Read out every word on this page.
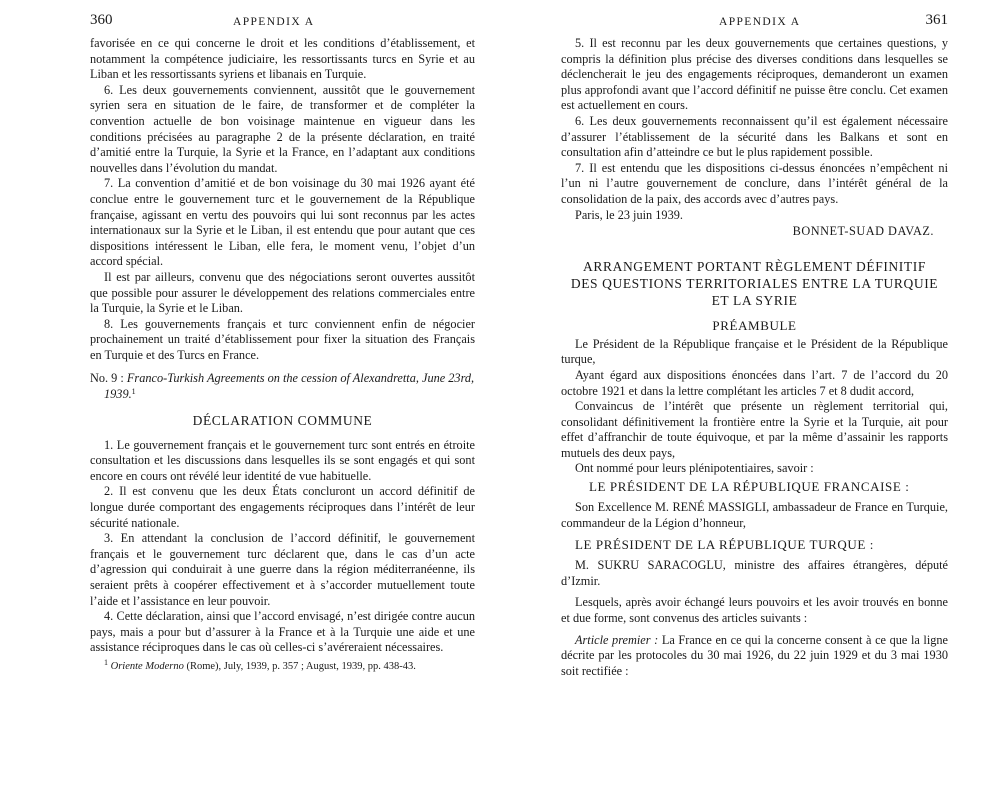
360	APPENDIX A

favorisée en ce qui concerne le droit et les conditions d’établissement, et notamment la compétence judiciaire, les ressortissants turcs en Syrie et au Liban et les ressortissants syriens et libanais en Turquie.

6. Les deux gouvernements conviennent, aussitôt que le gouvernement syrien sera en situation de le faire, de transformer et de compléter la convention actuelle de bon voisinage maintenue en vigueur dans les conditions précisées au paragraphe 2 de la présente déclaration, en traité d’amitié entre la Turquie, la Syrie et la France, en l’adaptant aux conditions nouvelles dans l’évolution du mandat.

7. La convention d’amitié et de bon voisinage du 30 mai 1926 ayant été conclue entre le gouvernement turc et le gouvernement de la République française, agissant en vertu des pouvoirs qui lui sont reconnus par les actes internationaux sur la Syrie et le Liban, il est entendu que pour autant que ces dispositions intéressent le Liban, elle fera, le moment venu, l’objet d’un accord spécial.

Il est par ailleurs, convenu que des négociations seront ouvertes aussitôt que possible pour assurer le développement des relations commerciales entre la Turquie, la Syrie et le Liban.

8. Les gouvernements français et turc conviennent enfin de négocier prochainement un traité d’établissement pour fixer la situation des Français en Turquie et des Turcs en France.

No. 9 : Franco-Turkish Agreements on the cession of Alexandretta, June 23rd, 1939.$^1$
DÉCLARATION COMMUNE

1. Le gouvernement français et le gouvernement turc sont entrés en étroite consultation et les discussions dans lesquelles ils se sont engagés et qui sont encore en cours ont révélé leur identité de vue habituelle.

2. Il est convenu que les deux États concluront un accord définitif de longue durée comportant des engagements réciproques dans l’intérêt de leur sécurité nationale.

3. En attendant la conclusion de l’accord définitif, le gouvernement français et le gouvernement turc déclarent que, dans le cas d’un acte d’agression qui conduirait à une guerre dans la région méditerranéenne, ils seraient prêts à coopérer effectivement et à s’accorder mutuellement toute l’aide et l’assistance en leur pouvoir.

4. Cette déclaration, ainsi que l’accord envisagé, n’est dirigée contre aucun pays, mais a pour but d’assurer à la France et à la Turquie une aide et une assistance réciproques dans le cas où celles-ci s’avéreraient nécessaires.

$^1$ Oriente Moderno (Rome), July, 1939, p. 357 ; August, 1939, pp. 438-43.
APPENDIX A	361

5. Il est reconnu par les deux gouvernements que certaines questions, y compris la définition plus précise des diverses conditions dans lesquelles se déclencherait le jeu des engagements réciproques, demanderont un examen plus approfondi avant que l’accord définitif ne puisse être conclu. Cet examen est actuellement en cours.

6. Les deux gouvernements reconnaissent qu’il est également nécessaire d’assurer l’établissement de la sécurité dans les Balkans et sont en consultation afin d’atteindre ce but le plus rapidement possible.

7. Il est entendu que les dispositions ci-dessus énoncées n’empêchent ni l’un ni l’autre gouvernement de conclure, dans l’intérêt général de la consolidation de la paix, des accords avec d’autres pays.

Paris, le 23 juin 1939.

BONNET-SUAD DAVAZ.

ARRANGEMENT PORTANT RÈGLEMENT DÉFINITIF

DES QUESTIONS TERRITORIALES ENTRE LA TURQUIE

ET LA SYRIE

PRÉAMBULE

Le Président de la République française et le Président de la République turque,

Ayant égard aux dispositions énoncées dans l’art. 7 de l’accord du 20 octobre 1921 et dans la lettre complétant les articles 7 et 8 dudit accord,

Convaincus de l’intérêt que présente un règlement territorial qui, consolidant définitivement la frontière entre la Syrie et la Turquie, ait pour effet d’affranchir de toute équivoque, et par la même d’assainir les rapports mutuels des deux pays,

Ont nommé pour leurs plénipotentiaires, savoir :

LE PRÉSIDENT DE LA RÉPUBLIQUE FRANCAISE :

Son Excellence M. RENÉ MASSIGLI, ambassadeur de France en Turquie, commandeur de la Légion d’honneur,

LE PRÉSIDENT DE LA RÉPUBLIQUE TURQUE :

M. SUKRU SARACOGLU, ministre des affaires étrangères, député d’Izmir.

Lesquels, après avoir échangé leurs pouvoirs et les avoir trouvés en bonne et due forme, sont convenus des articles suivants :

Article premier : La France en ce qui la concerne consent à ce que la ligne décrite par les protocoles du 30 mai 1926, du 22 juin 1929 et du 3 mai 1930 soit rectifiée :
